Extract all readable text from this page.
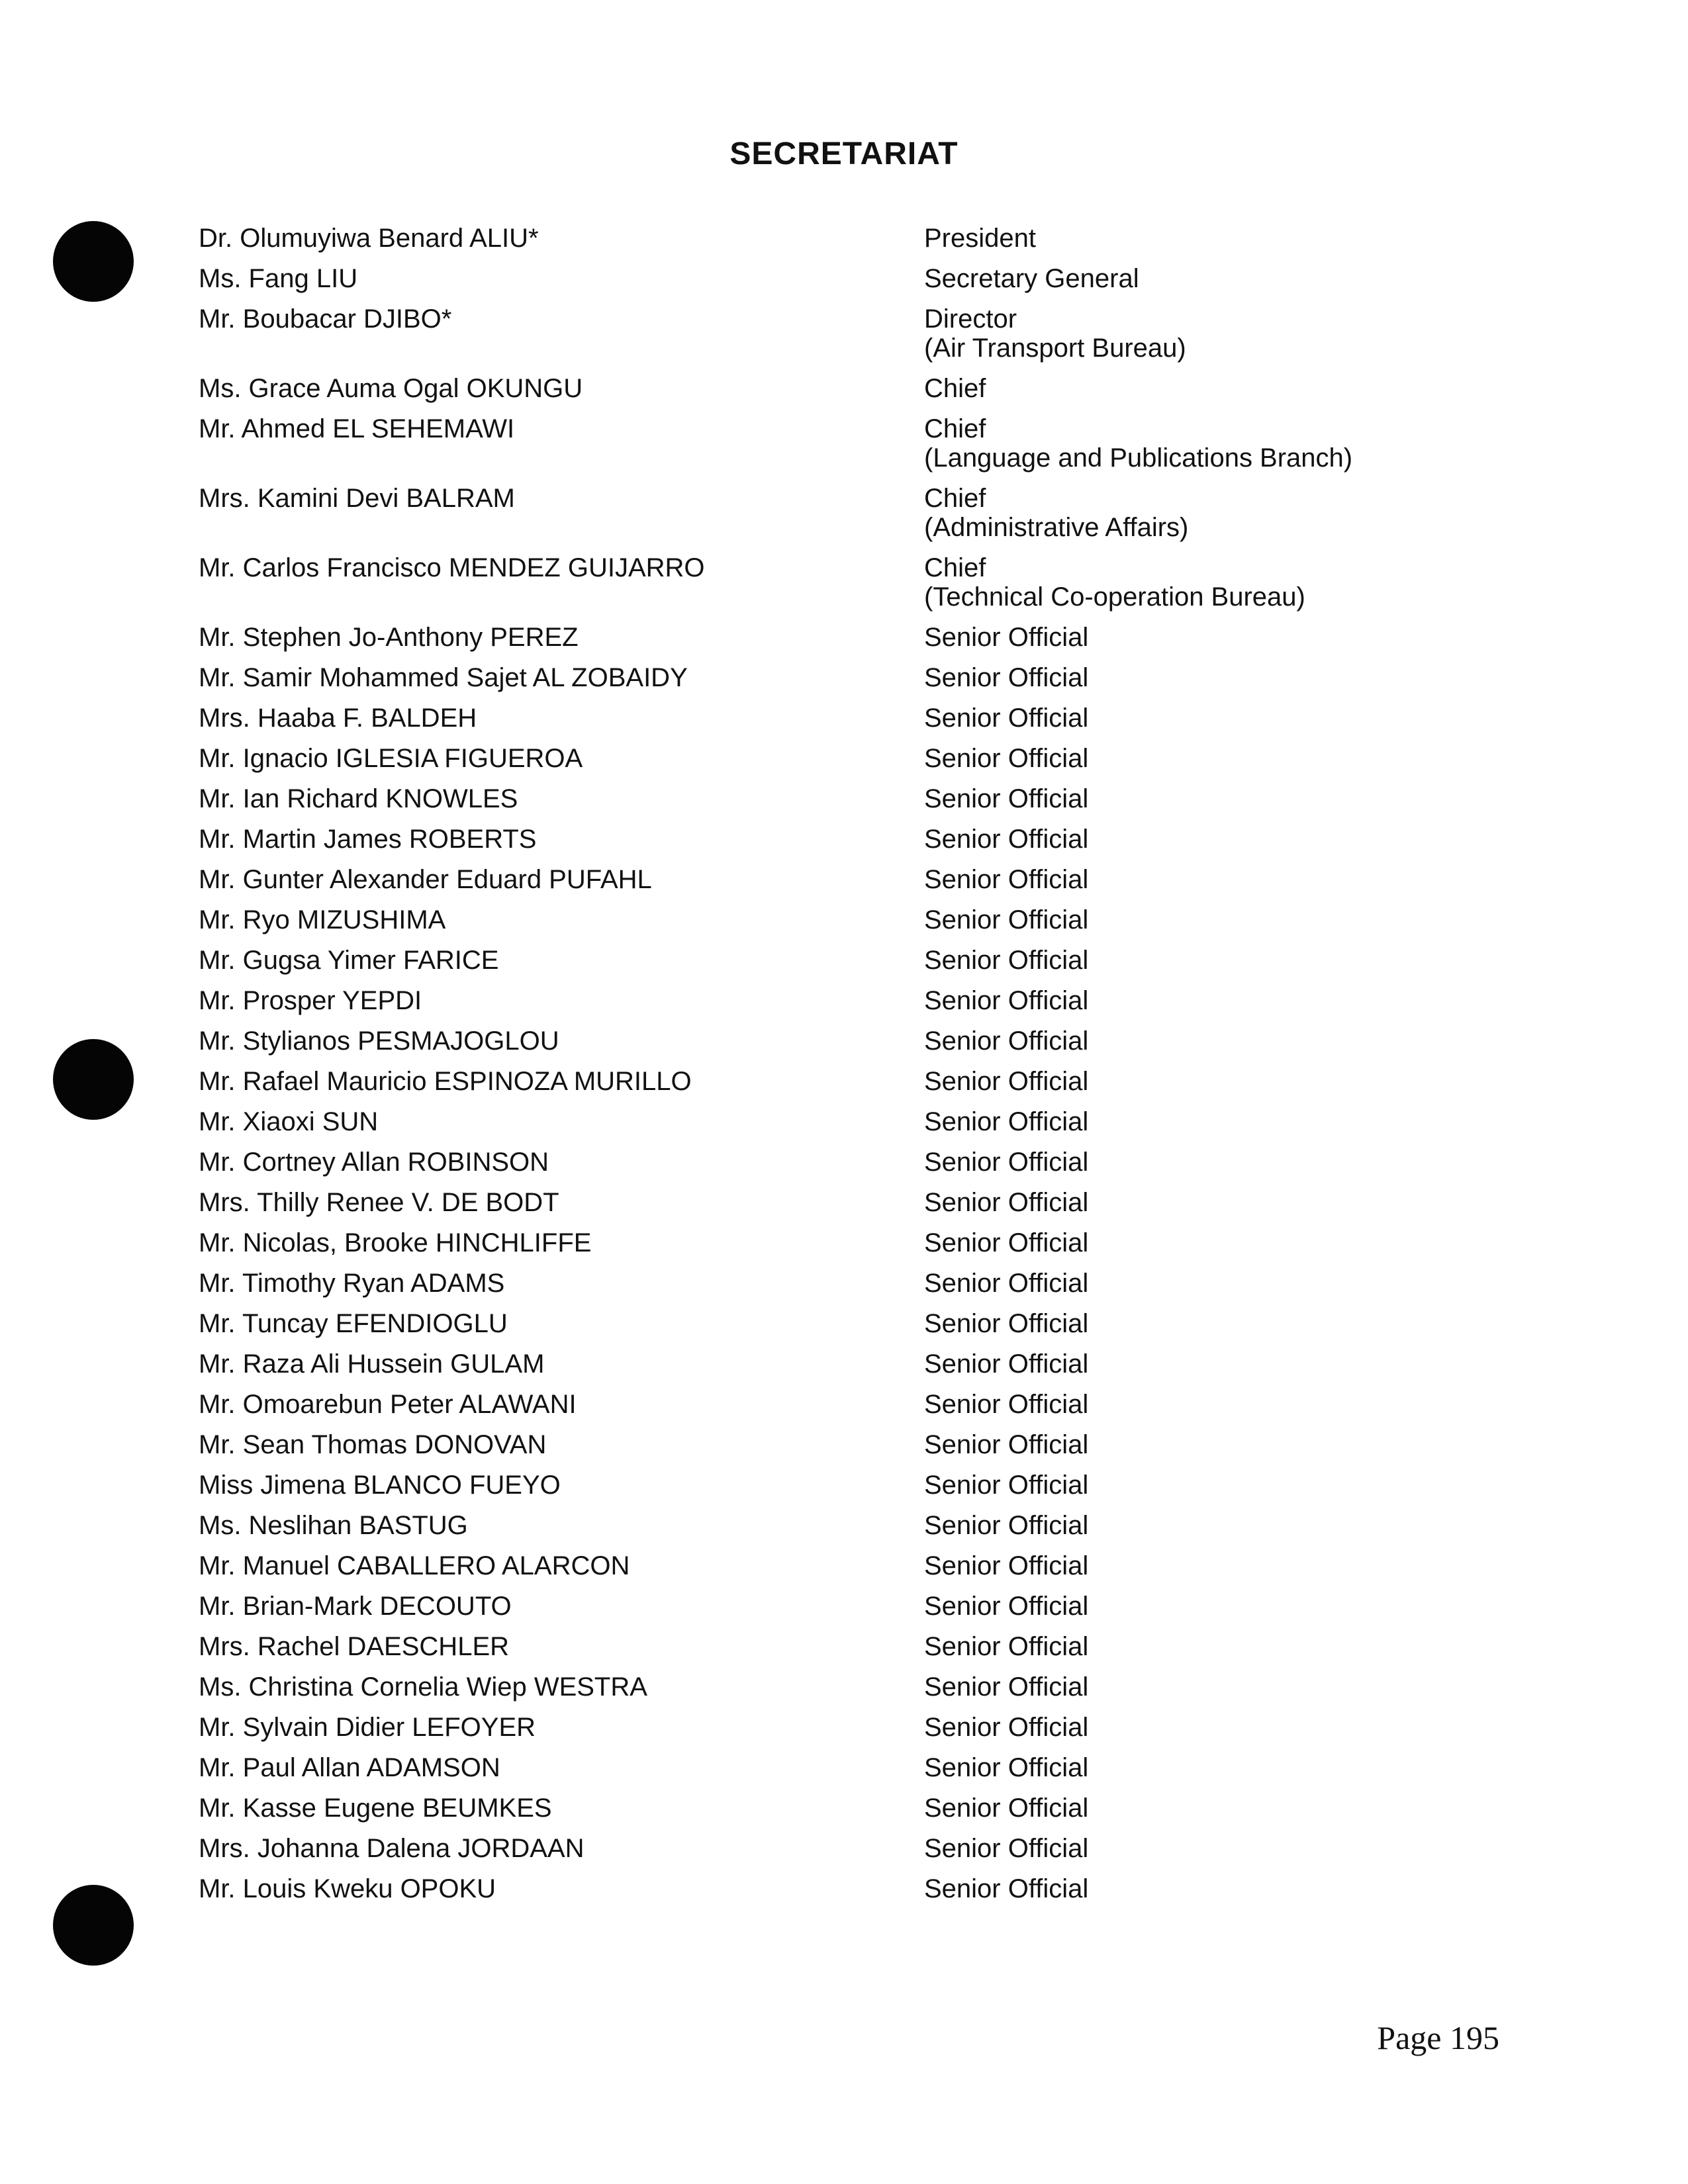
SECRETARIAT
Dr. Olumuyiwa Benard ALIU*	President
Ms. Fang LIU	Secretary General
Mr. Boubacar DJIBO*	Director
(Air Transport Bureau)
Ms. Grace Auma Ogal OKUNGU	Chief
Mr. Ahmed EL SEHEMAWI	Chief
(Language and Publications Branch)
Mrs. Kamini Devi BALRAM	Chief
(Administrative Affairs)
Mr. Carlos Francisco MENDEZ GUIJARRO	Chief
(Technical Co-operation Bureau)
Mr. Stephen Jo-Anthony PEREZ	Senior Official
Mr. Samir Mohammed Sajet AL ZOBAIDY	Senior Official
Mrs. Haaba F. BALDEH	Senior Official
Mr. Ignacio IGLESIA FIGUEROA	Senior Official
Mr. Ian Richard KNOWLES	Senior Official
Mr. Martin James ROBERTS	Senior Official
Mr. Gunter Alexander Eduard PUFAHL	Senior Official
Mr. Ryo MIZUSHIMA	Senior Official
Mr. Gugsa Yimer FARICE	Senior Official
Mr. Prosper YEPDI	Senior Official
Mr. Stylianos PESMAJOGLOU	Senior Official
Mr. Rafael Mauricio ESPINOZA MURILLO	Senior Official
Mr. Xiaoxi SUN	Senior Official
Mr. Cortney Allan ROBINSON	Senior Official
Mrs. Thilly Renee V. DE BODT	Senior Official
Mr. Nicolas, Brooke HINCHLIFFE	Senior Official
Mr. Timothy Ryan ADAMS	Senior Official
Mr. Tuncay EFENDIOGLU	Senior Official
Mr. Raza Ali Hussein GULAM	Senior Official
Mr. Omoarebun Peter ALAWANI	Senior Official
Mr. Sean Thomas DONOVAN	Senior Official
Miss Jimena BLANCO FUEYO	Senior Official
Ms. Neslihan BASTUG	Senior Official
Mr. Manuel CABALLERO ALARCON	Senior Official
Mr. Brian-Mark DECOUTO	Senior Official
Mrs. Rachel DAESCHLER	Senior Official
Ms. Christina Cornelia Wiep WESTRA	Senior Official
Mr. Sylvain Didier LEFOYER	Senior Official
Mr. Paul Allan ADAMSON	Senior Official
Mr. Kasse Eugene BEUMKES	Senior Official
Mrs. Johanna Dalena JORDAAN	Senior Official
Mr. Louis Kweku OPOKU	Senior Official
Page 195
